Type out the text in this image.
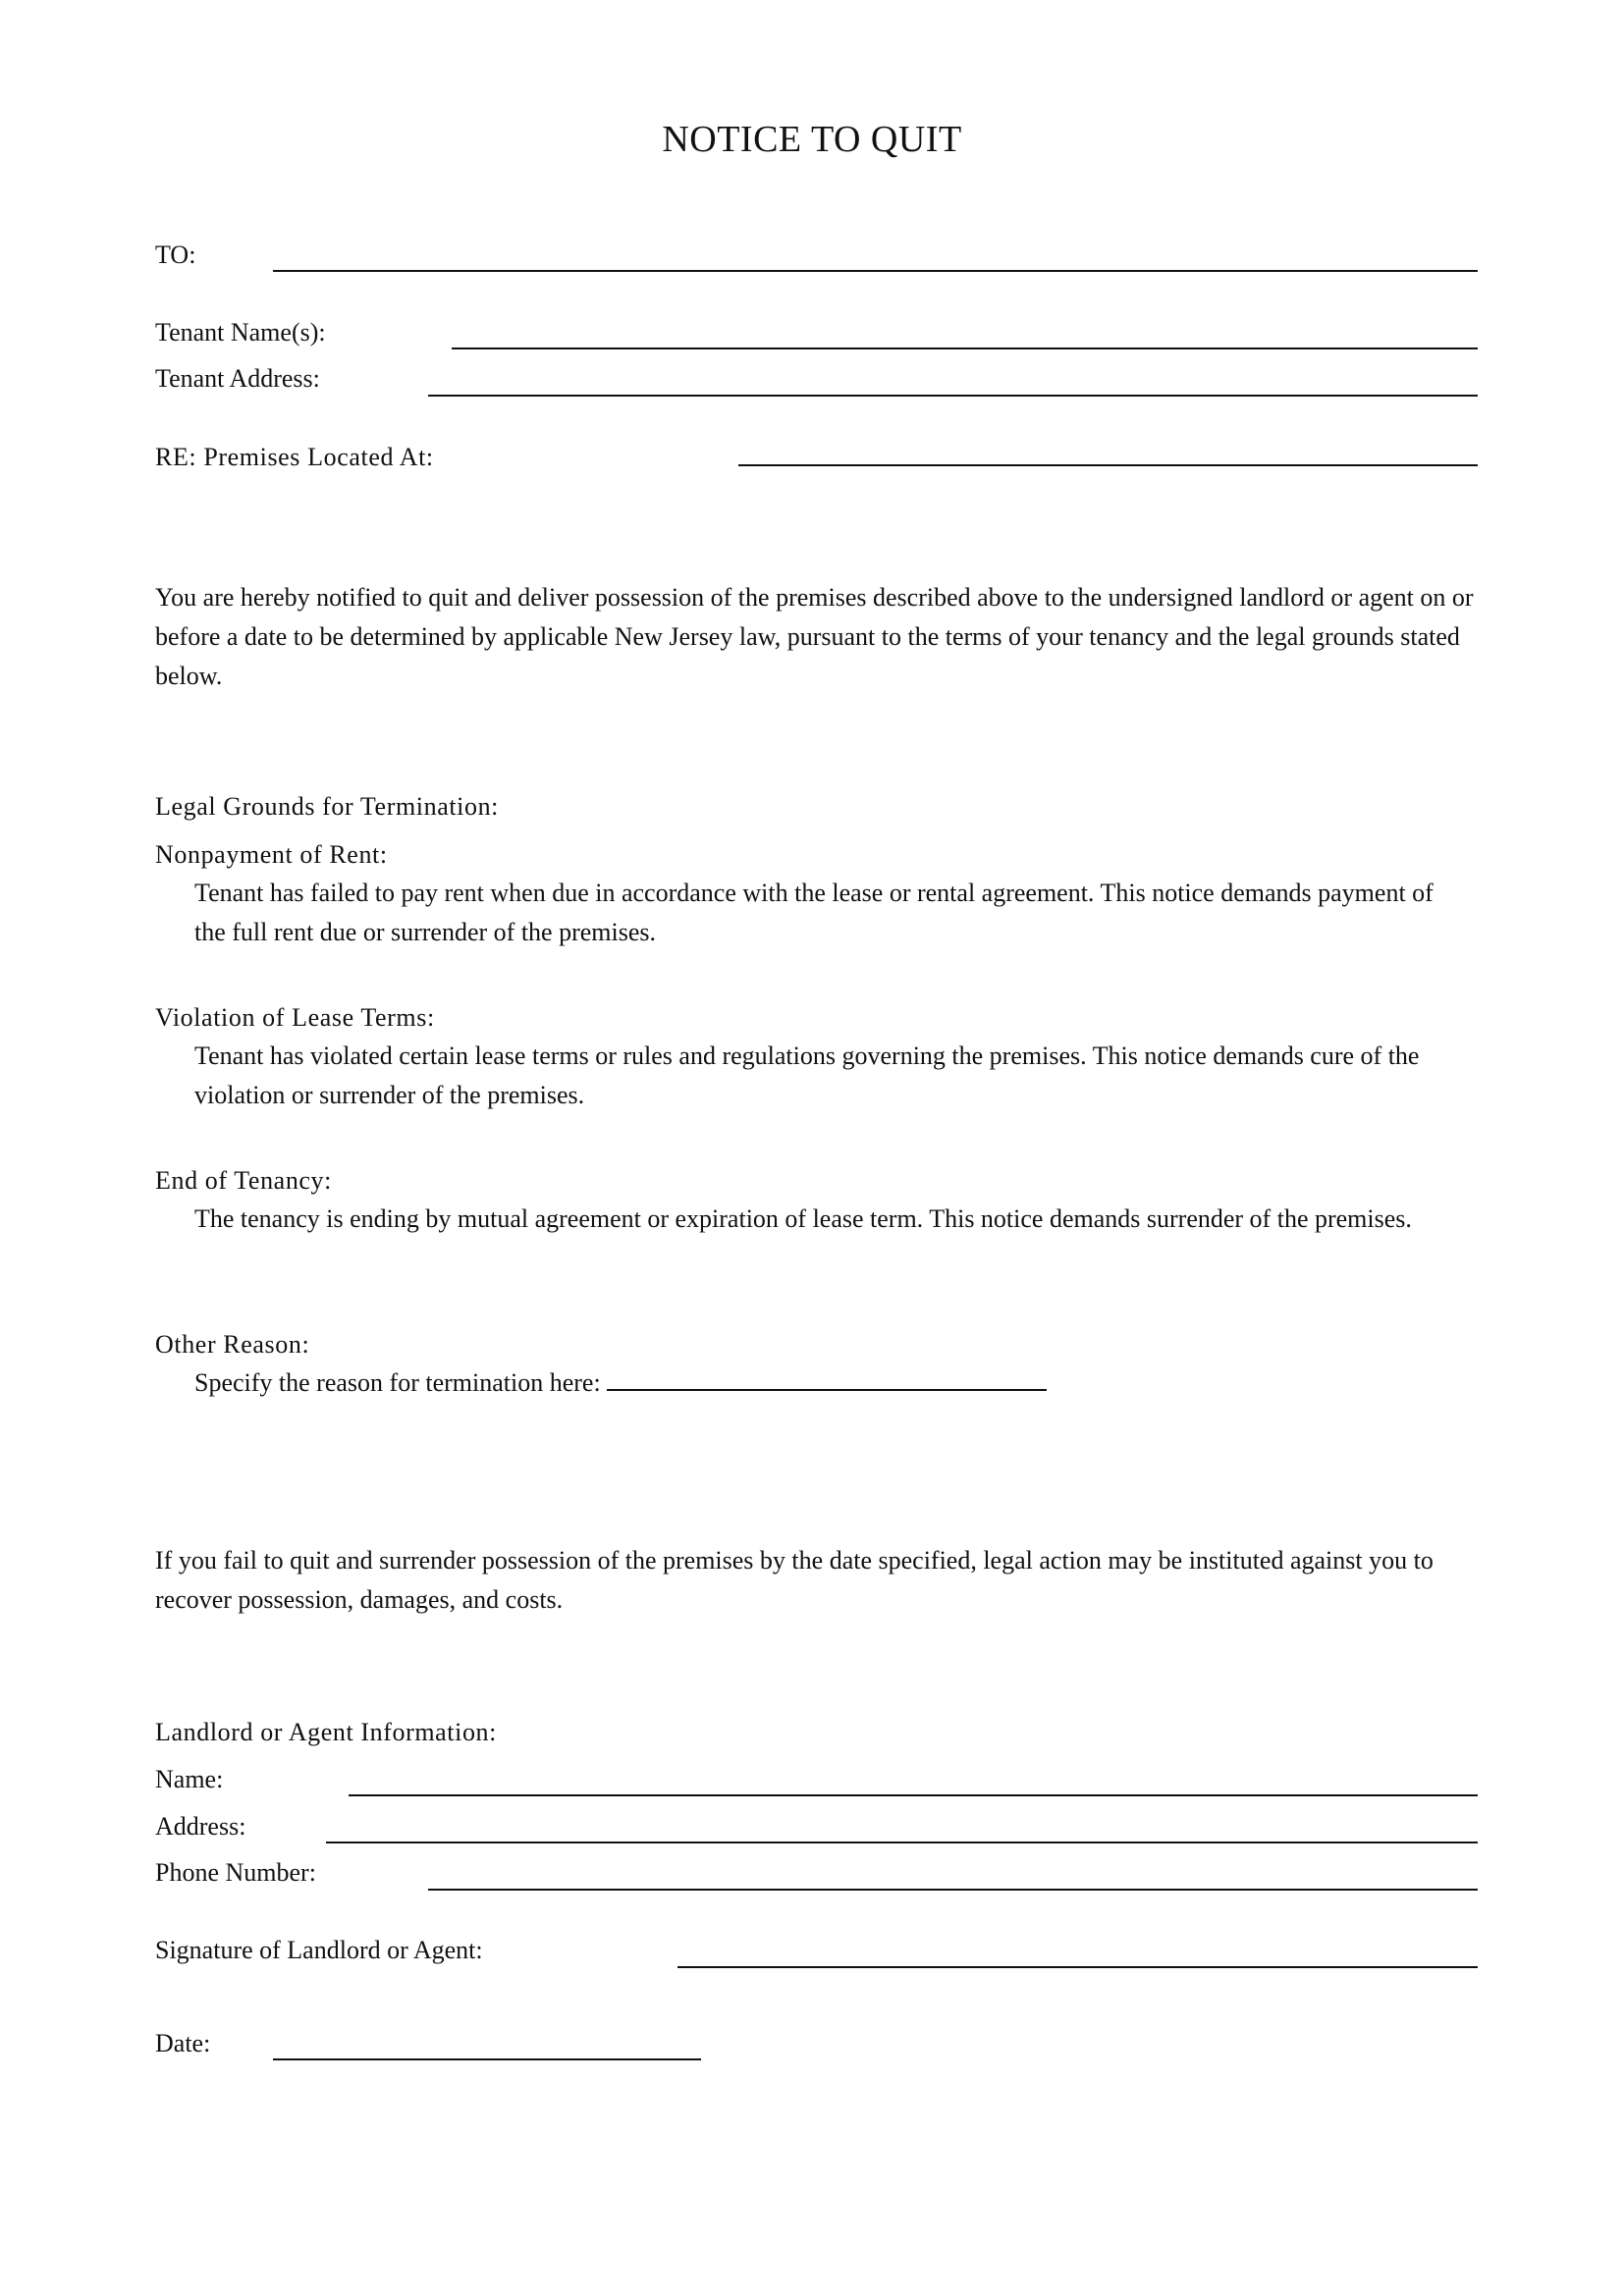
NOTICE TO QUIT
TO:
Tenant Name(s):
Tenant Address:
RE: Premises Located At:
You are hereby notified to quit and deliver possession of the premises described above to the undersigned landlord or agent on or before a date to be determined by applicable New Jersey law, pursuant to the terms of your tenancy and the legal grounds stated below.
Legal Grounds for Termination:
Nonpayment of Rent:
Tenant has failed to pay rent when due in accordance with the lease or rental agreement. This notice demands payment of the full rent due or surrender of the premises.
Violation of Lease Terms:
Tenant has violated certain lease terms or rules and regulations governing the premises. This notice demands cure of the violation or surrender of the premises.
End of Tenancy:
The tenancy is ending by mutual agreement or expiration of lease term. This notice demands surrender of the premises.
Other Reason:
Specify the reason for termination here:
If you fail to quit and surrender possession of the premises by the date specified, legal action may be instituted against you to recover possession, damages, and costs.
Landlord or Agent Information:
Name:
Address:
Phone Number:
Signature of Landlord or Agent:
Date:
